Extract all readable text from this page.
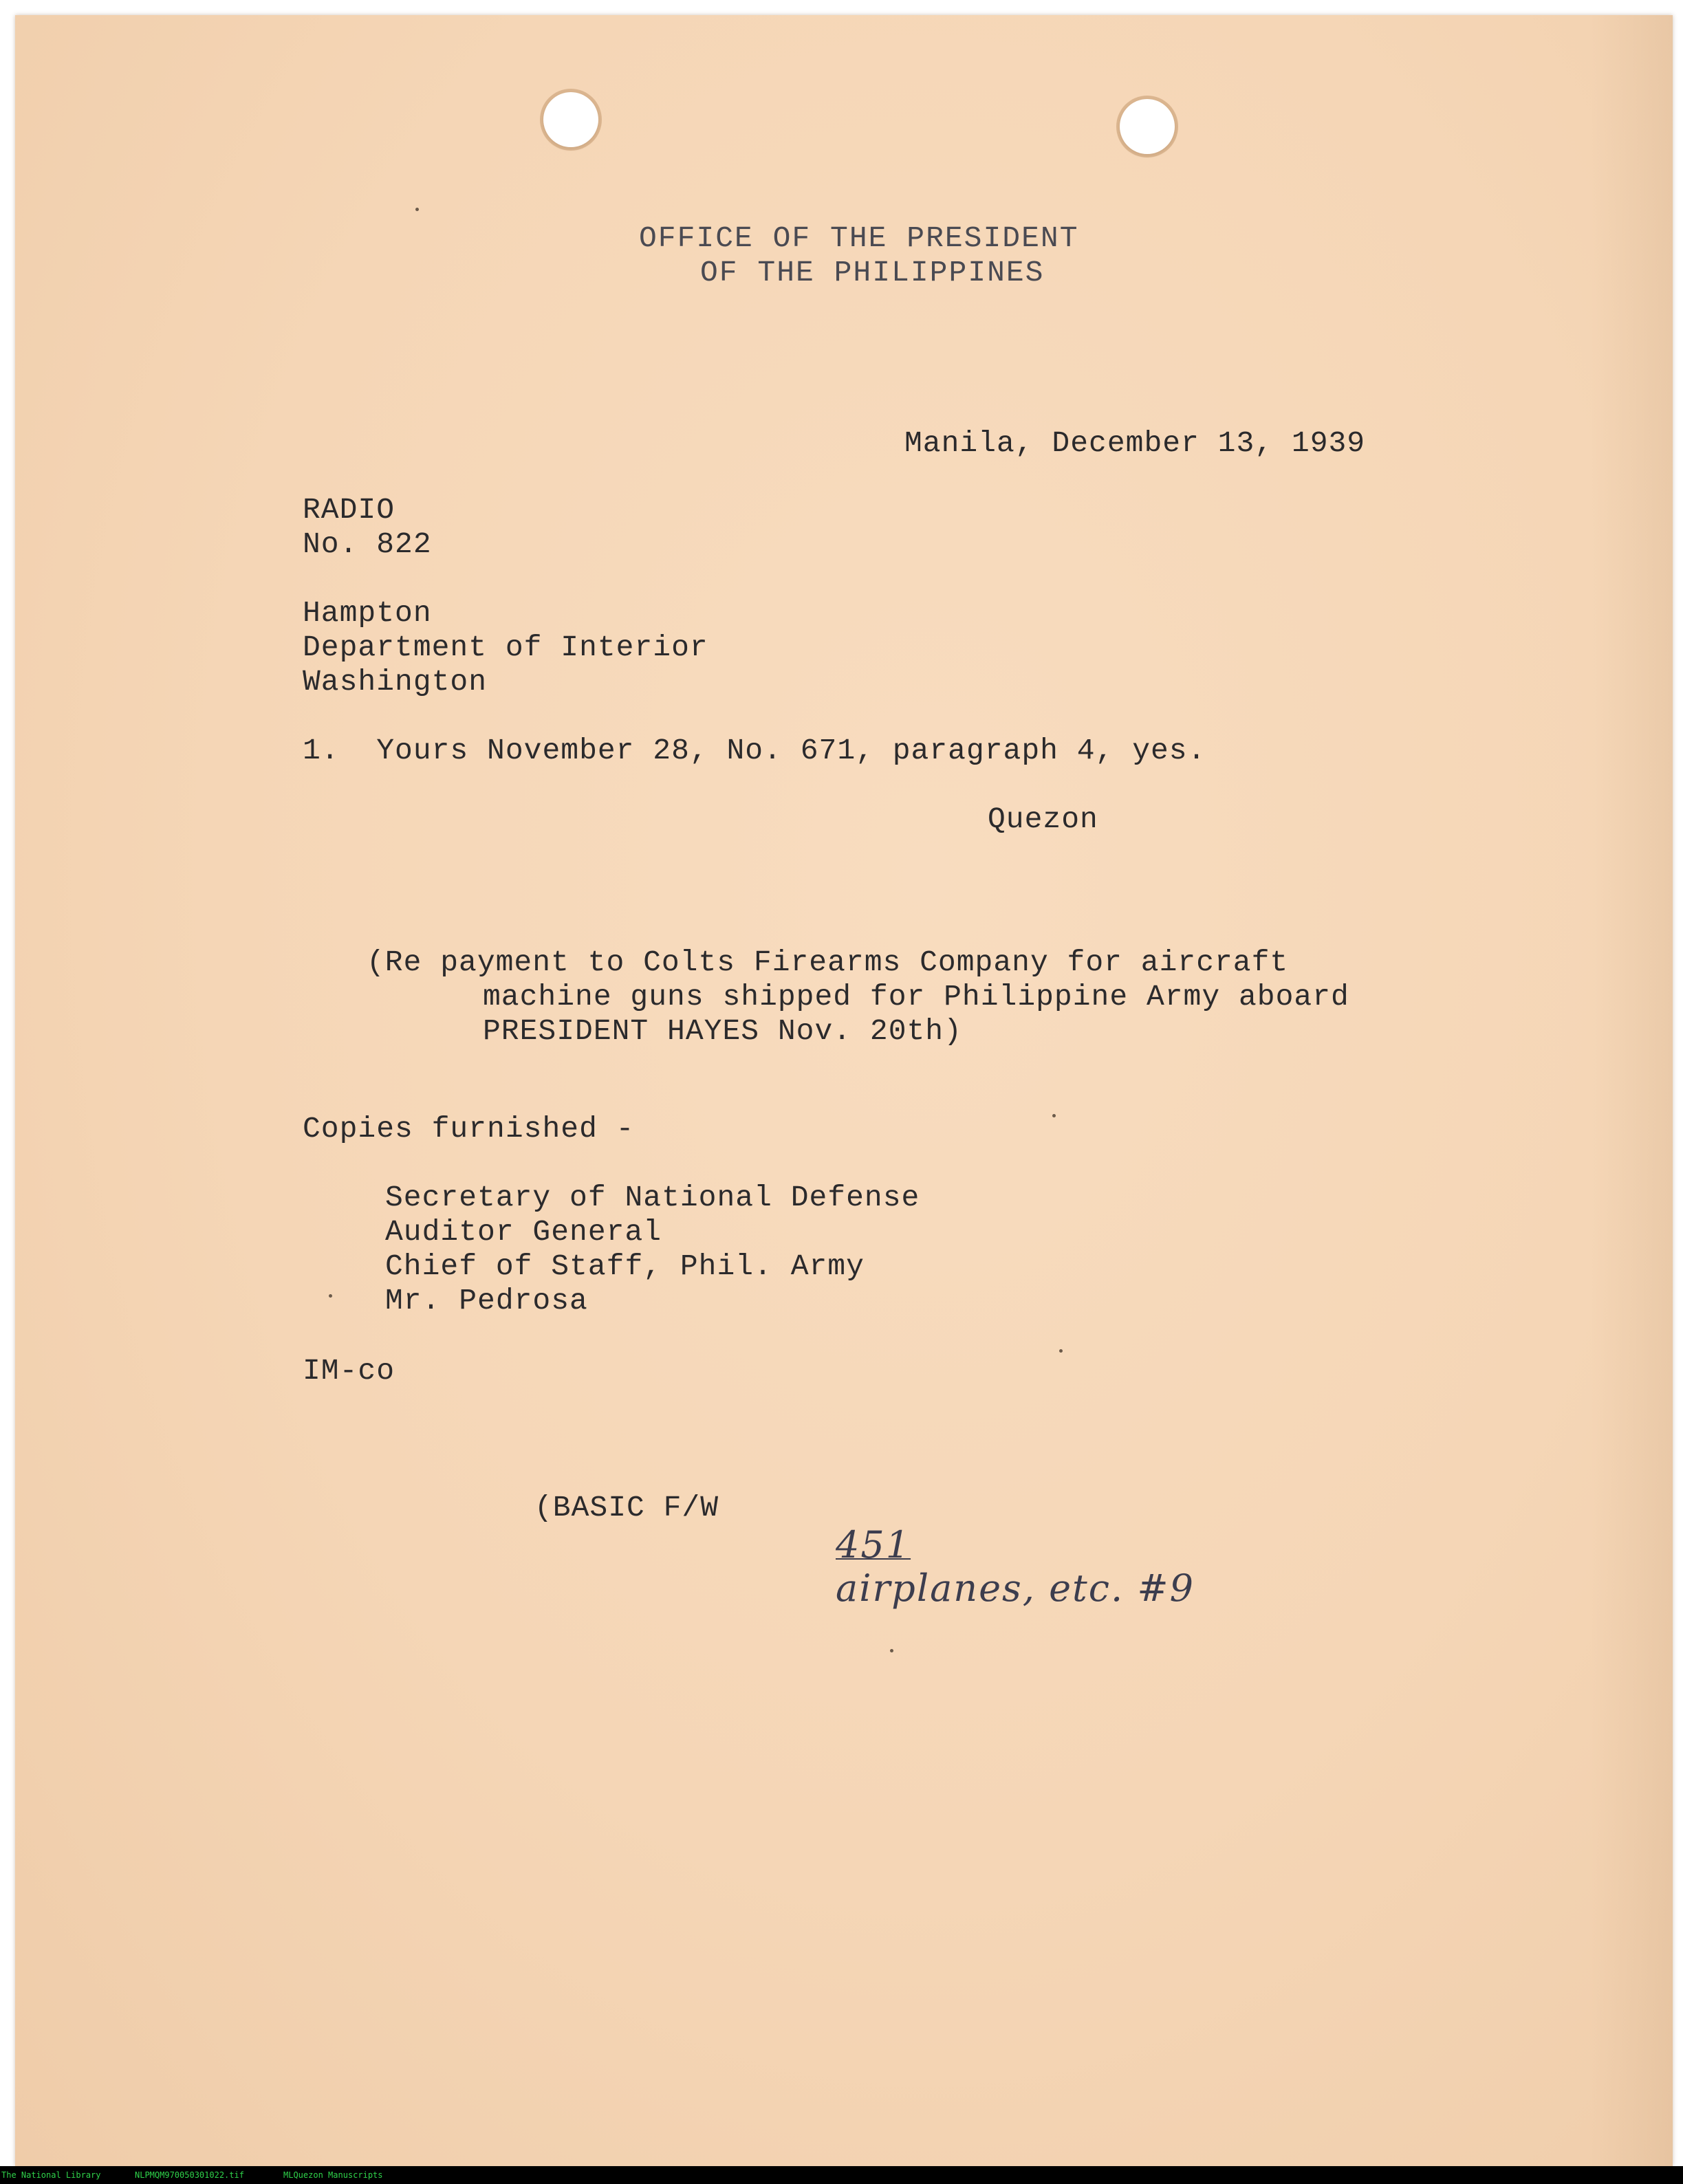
OFFICE OF THE PRESIDENT

OF THE PHILIPPINES

Manila, December 13, 1939

RADIO

No. 822

Hampton

Department of Interior

Washington

1.  Yours November 28, No. 671, paragraph 4, yes.

Quezon

(Re payment to Colts Firearms Company for aircraft

machine guns shipped for Philippine Army aboard

PRESIDENT HAYES Nov. 20th)

Copies furnished -

Secretary of National Defense

Auditor General

Chief of Staff, Phil. Army

Mr. Pedrosa

IM-co

(BASIC F/W

451
airplanes, etc. #9

The National Library	NLPMQM970050301022.tif	MLQuezon Manuscripts
